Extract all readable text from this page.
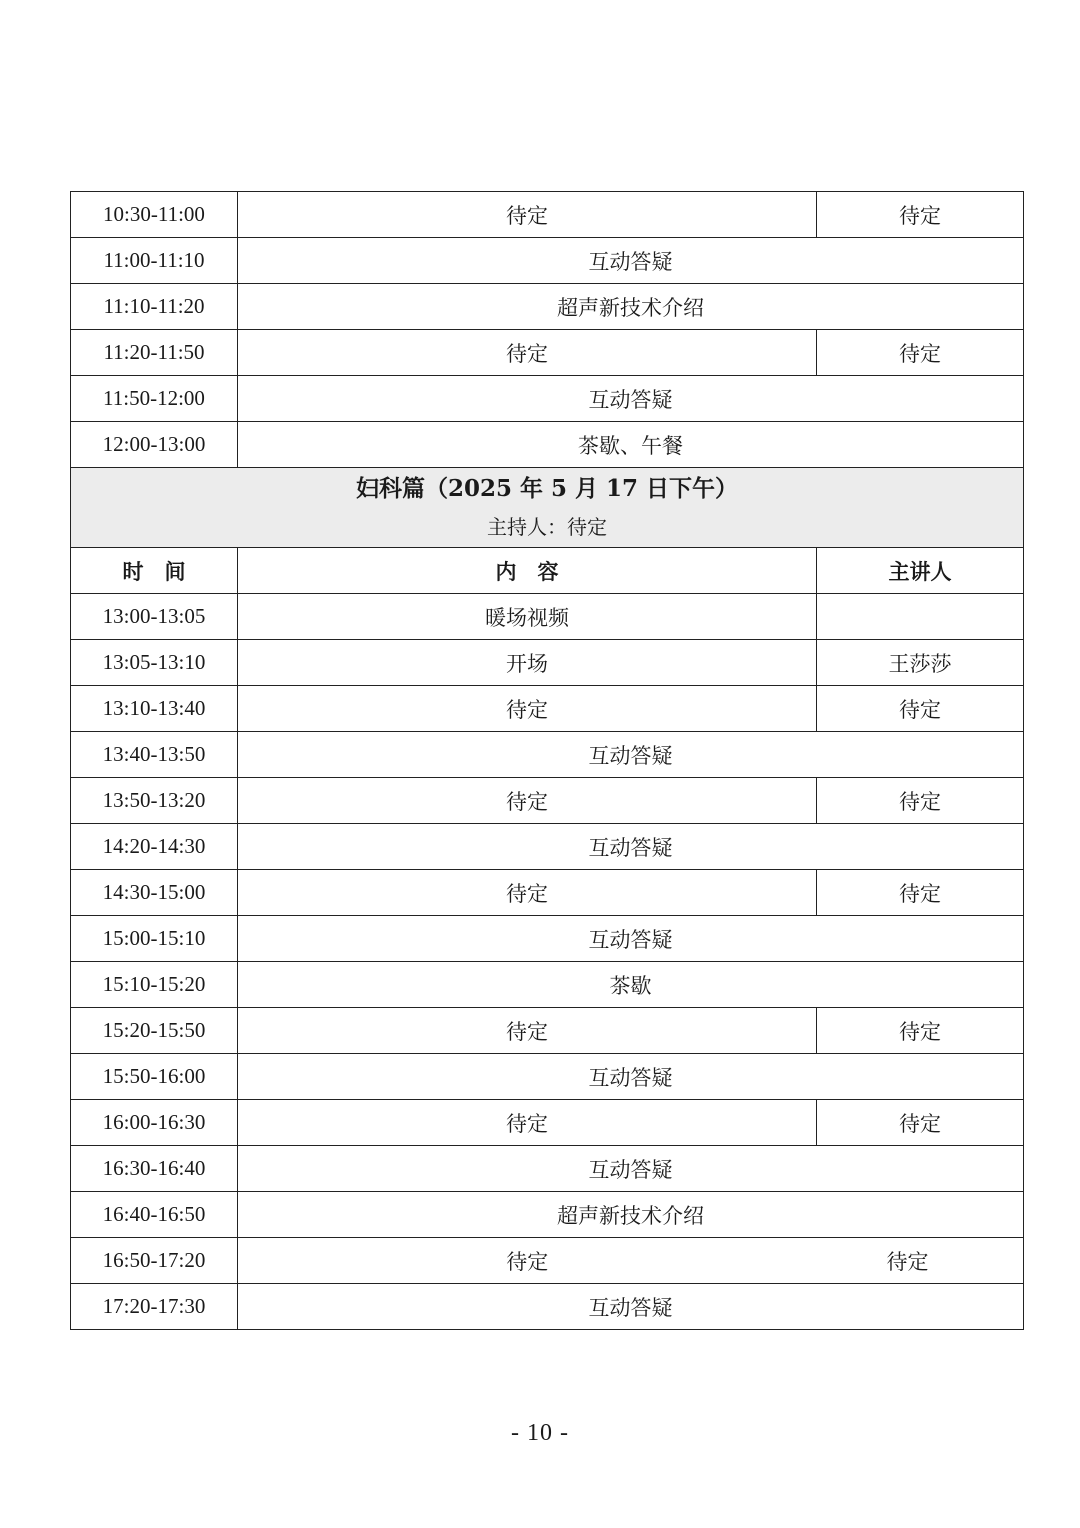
10:30-11:00	待定	待定
11:00-11:10	互动答疑	
11:10-11:20	超声新技术介绍	
11:20-11:50	待定	待定
11:50-12:00	互动答疑	
12:00-13:00	茶歇、午餐	

妇科篇（2025 年 5 月 17 日下午）
主持人：待定		

时　间	内　容	主讲人
13:00-13:05	暖场视频	
13:05-13:10	开场	王莎莎
13:10-13:40	待定	待定
13:40-13:50	互动答疑	
13:50-13:20	待定	待定
14:20-14:30	互动答疑	
14:30-15:00	待定	待定
15:00-15:10	互动答疑	
15:10-15:20	茶歇	
15:20-15:50	待定	待定
15:50-16:00	互动答疑	
16:00-16:30	待定	待定
16:30-16:40	互动答疑	
16:40-16:50	超声新技术介绍	
16:50-17:20	待定	待定
17:20-17:30	互动答疑	
- 10 -
